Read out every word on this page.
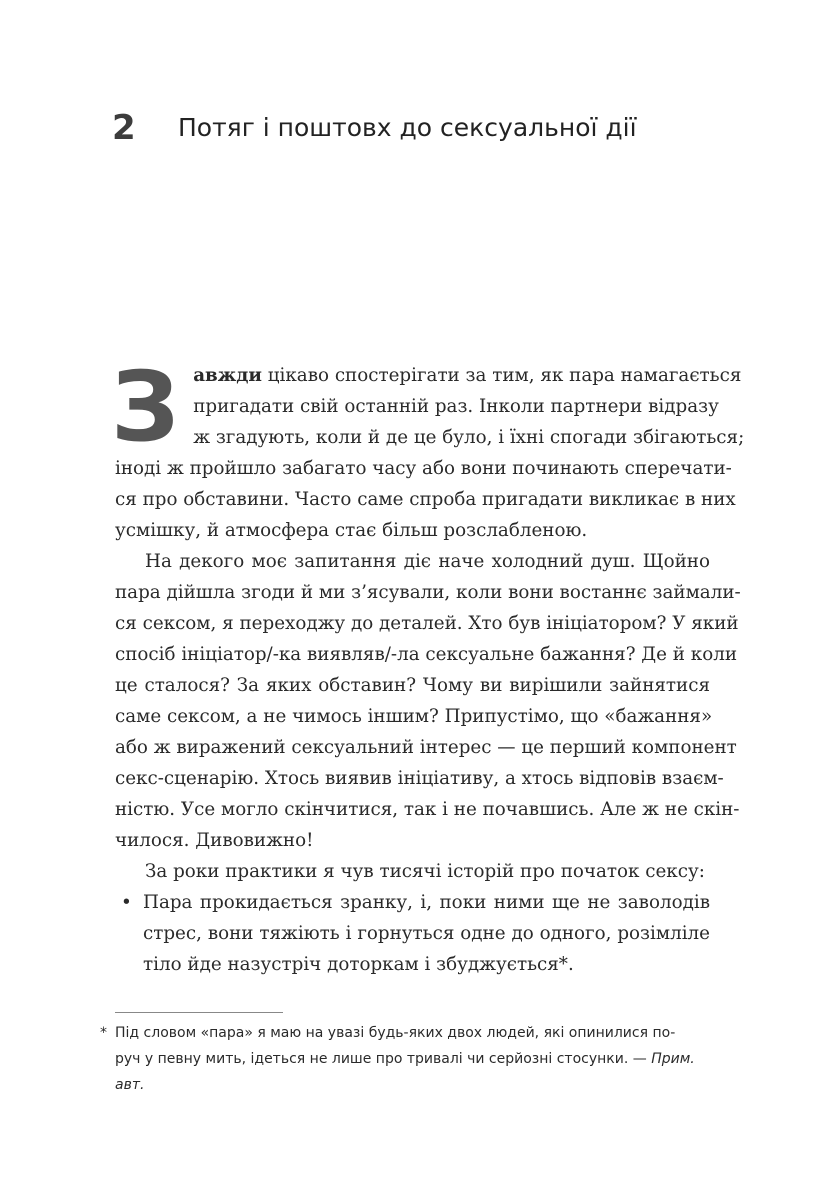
2 Потяг і поштовх до сексуальної дії
З авжди цікаво спостерігати за тим, як пара намагається
пригадати свій останній раз. Інколи партнери відразу
ж згадують, коли й де це було, і їхні спогади збігаються;
іноді ж пройшло забагато часу або вони починають сперечати-
ся про обставини. Часто саме спроба пригадати викликає в них
усмішку, й атмосфера стає більш розслабленою.

На декого моє запитання діє наче холодний душ. Щойно
пара дійшла згоди й ми з’ясували, коли вони востаннє займали-
ся сексом, я переходжу до деталей. Хто був ініціатором? У який
спосіб ініціатор/-ка виявляв/-ла сексуальне бажання? Де й коли
це сталося? За яких обставин? Чому ви вирішили зайнятися
саме сексом, а не чимось іншим? Припустімо, що «бажання»
або ж виражений сексуальний інтерес — це перший компонент
секс-сценарію. Хтось виявив ініціативу, а хтось відповів взаєм-
ністю. Усе могло скінчитися, так і не почавшись. Але ж не скін-
чилося. Дивовижно!

За роки практики я чув тисячі історій про початок сексу:

• Пара прокидається зранку, і, поки ними ще не заволодів
стрес, вони тяжіють і горнуться одне до одного, розімліле
тіло йде назустріч доторкам і збуджується*.
* Під словом «пара» я маю на увазі будь-яких двох людей, які опинилися по-
руч у певну мить, ідеться не лише про тривалі чи серйозні стосунки. — Прим.
авт.
